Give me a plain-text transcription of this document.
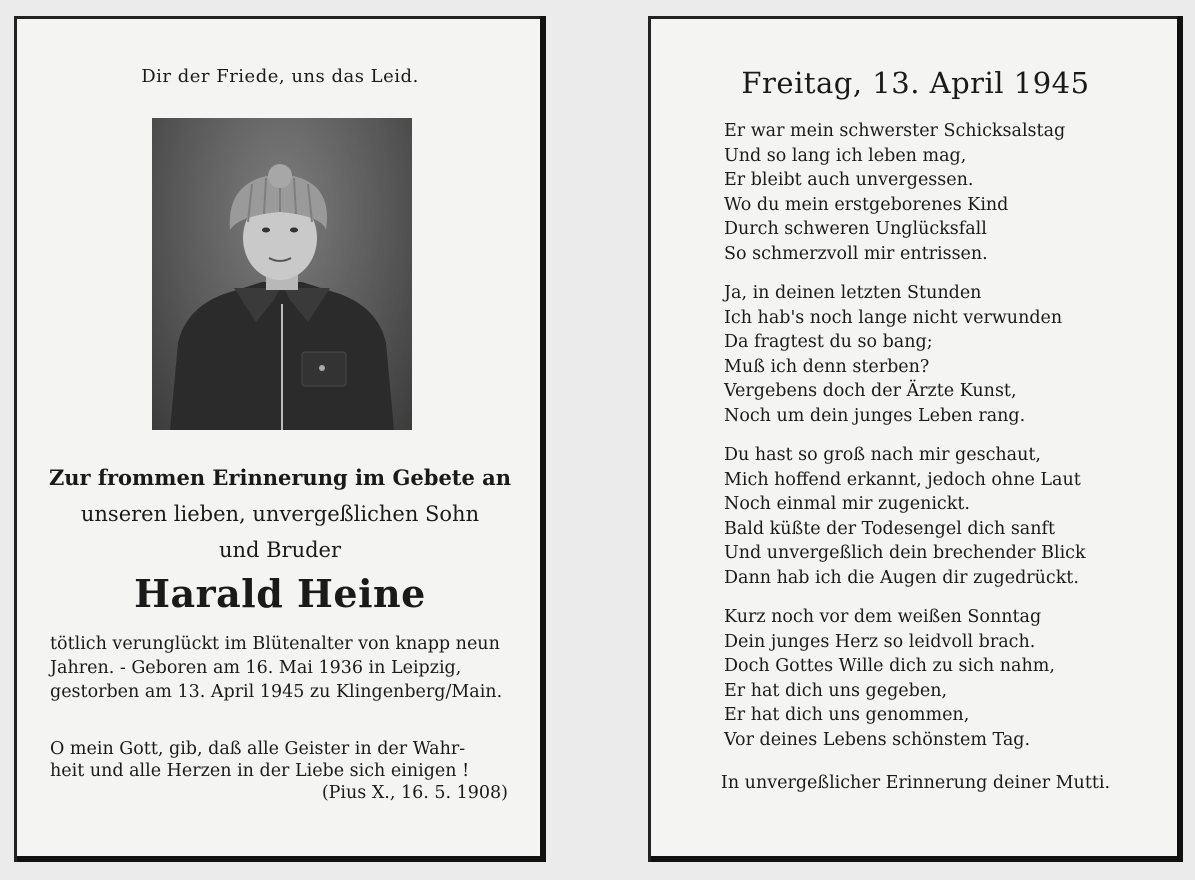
Dir der Friede, uns das Leid.
Zur frommen Erinnerung im Gebete an
unseren lieben, unvergeßlichen Sohn
und Bruder
Harald Heine
tötlich verunglückt im Blütenalter von knapp neun
Jahren. - Geboren am 16. Mai 1936 in Leipzig,
gestorben am 13. April 1945 zu Klingenberg/Main.
O mein Gott, gib, daß alle Geister in der Wahr-
heit und alle Herzen in der Liebe sich einigen !
(Pius X., 16. 5. 1908)
Freitag, 13. April 1945
Er war mein schwerster Schicksalstag
Und so lang ich leben mag,
Er bleibt auch unvergessen.
Wo du mein erstgeborenes Kind
Durch schweren Unglücksfall
So schmerzvoll mir entrissen.
Ja, in deinen letzten Stunden
Ich hab's noch lange nicht verwunden
Da fragtest du so bang;
Muß ich denn sterben?
Vergebens doch der Ärzte Kunst,
Noch um dein junges Leben rang.
Du hast so groß nach mir geschaut,
Mich hoffend erkannt, jedoch ohne Laut
Noch einmal mir zugenickt.
Bald küßte der Todesengel dich sanft
Und unvergeßlich dein brechender Blick
Dann hab ich die Augen dir zugedrückt.
Kurz noch vor dem weißen Sonntag
Dein junges Herz so leidvoll brach.
Doch Gottes Wille dich zu sich nahm,
Er hat dich uns gegeben,
Er hat dich uns genommen,
Vor deines Lebens schönstem Tag.
In unvergeßlicher Erinnerung deiner Mutti.
